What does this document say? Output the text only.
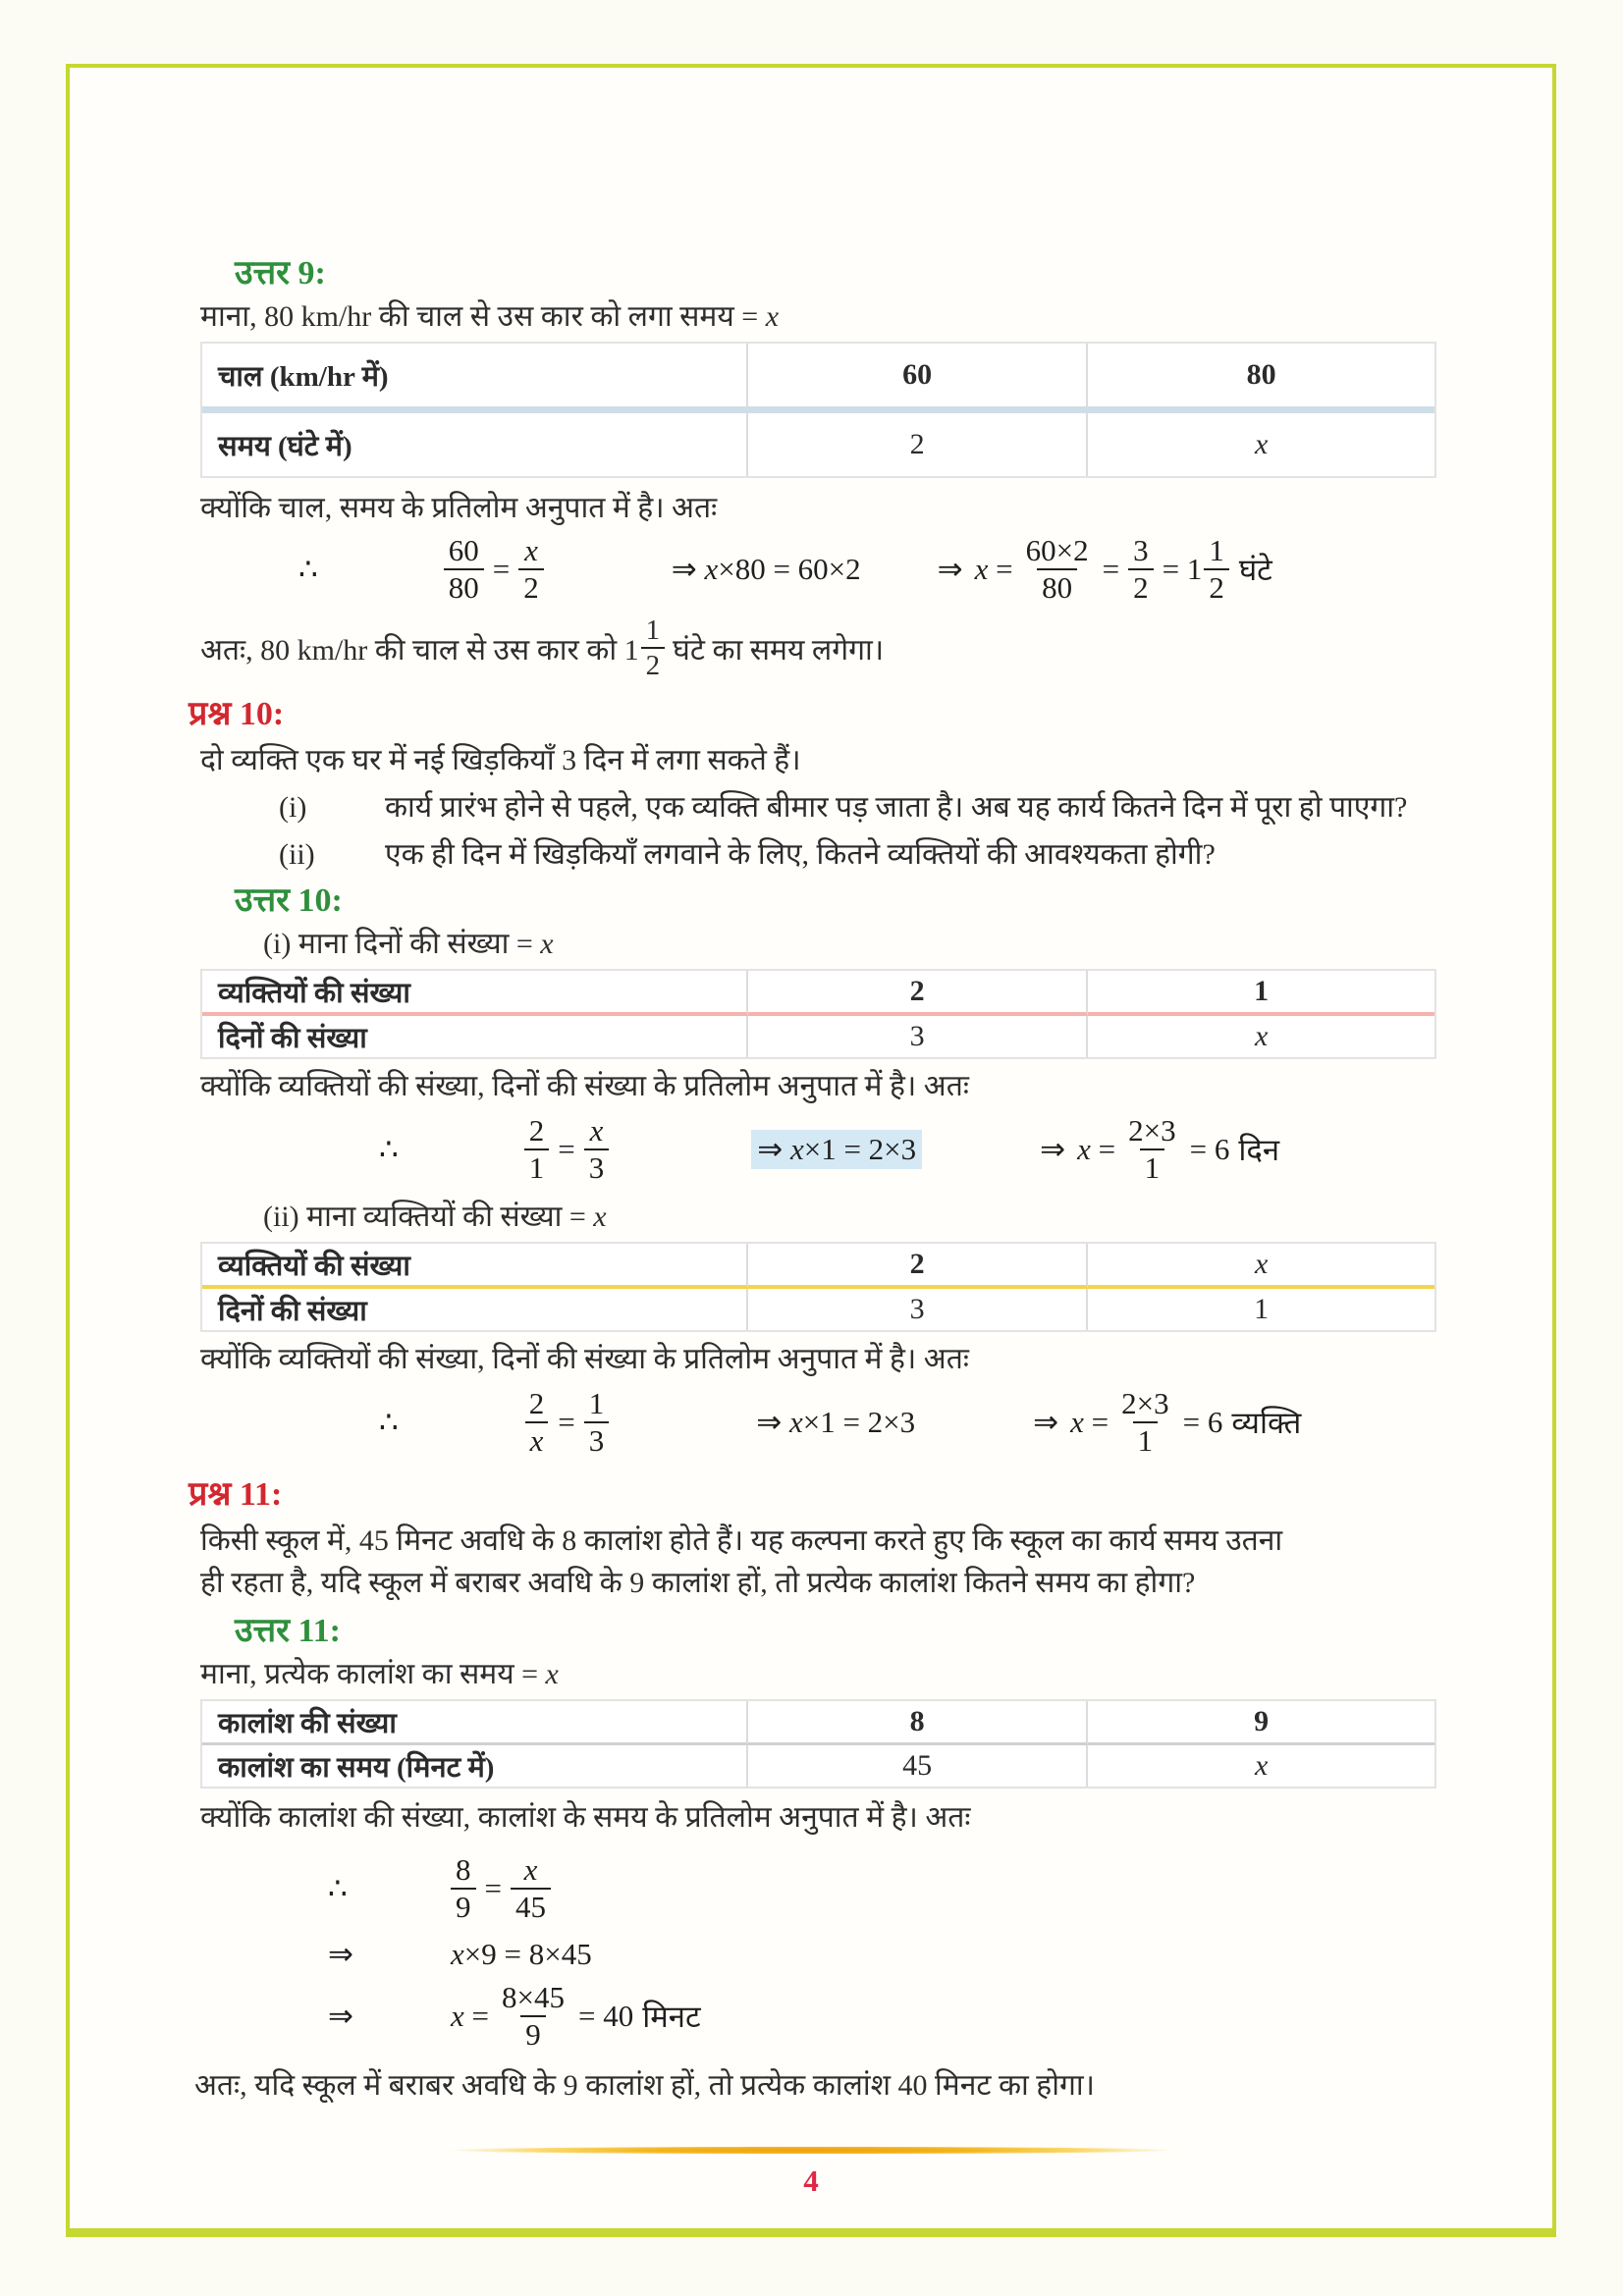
उत्तर 9:
माना, 80 km/hr की चाल से उस कार को लगा समय = x
चाल (km/hr में)	60	80
समय (घंटे में)	2	x
क्योंकि चाल, समय के प्रतिलोम अनुपात में है। अतः
∴	$\frac{60}{80} = \frac{x}{2}$	⇒ x×80 = 60×2	⇒ $x = \frac{60\times 2}{80} = \frac{3}{2} = 1 \frac{1}{2}$ घंटे
अतः, 80 km/hr की चाल से उस कार को $1 \frac{1}{2}$ घंटे का समय लगेगा।
प्रश्न 10:
दो व्यक्ति एक घर में नई खिड़कियाँ 3 दिन में लगा सकते हैं।
(i)	कार्य प्रारंभ होने से पहले, एक व्यक्ति बीमार पड़ जाता है। अब यह कार्य कितने दिन में पूरा हो पाएगा?
(ii)	एक ही दिन में खिड़कियाँ लगवाने के लिए, कितने व्यक्तियों की आवश्यकता होगी?
उत्तर 10:
(i) माना दिनों की संख्या = x
व्यक्तियों की संख्या	2	1
दिनों की संख्या	3	x
क्योंकि व्यक्तियों की संख्या, दिनों की संख्या के प्रतिलोम अनुपात में है। अतः
∴	$\frac{2}{1} = \frac{x}{3}$	⇒ x×1 = 2×3	⇒ $x = \frac{2\times 3}{1} = 6$ दिन
(ii) माना व्यक्तियों की संख्या = x
व्यक्तियों की संख्या	2	x
दिनों की संख्या	3	1
क्योंकि व्यक्तियों की संख्या, दिनों की संख्या के प्रतिलोम अनुपात में है। अतः
∴	$\frac{2}{x} = \frac{1}{3}$	⇒ x×1 = 2×3	⇒ $x = \frac{2\times 3}{1} = 6$ व्यक्ति
प्रश्न 11:
किसी स्कूल में, 45 मिनट अवधि के 8 कालांश होते हैं। यह कल्पना करते हुए कि स्कूल का कार्य समय उतना
ही रहता है, यदि स्कूल में बराबर अवधि के 9 कालांश हों, तो प्रत्येक कालांश कितने समय का होगा?
उत्तर 11:
माना, प्रत्येक कालांश का समय = x
कालांश की संख्या	8	9
कालांश का समय (मिनट में)	45	x
क्योंकि कालांश की संख्या, कालांश के समय के प्रतिलोम अनुपात में है। अतः
∴	$\frac{8}{9} = \frac{x}{45}$
⇒	x×9 = 8×45
⇒	$x = \frac{8\times 45}{9} = 40$ मिनट
अतः, यदि स्कूल में बराबर अवधि के 9 कालांश हों, तो प्रत्येक कालांश 40 मिनट का होगा।
4
